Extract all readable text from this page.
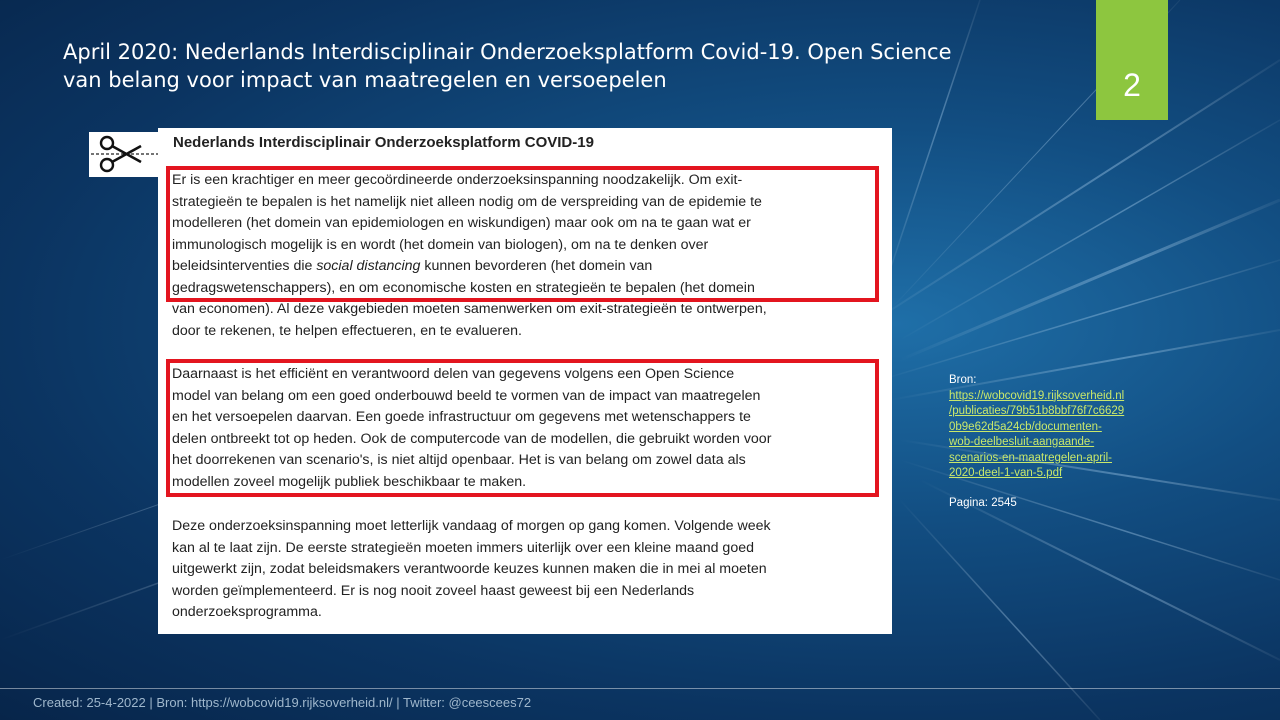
April 2020: Nederlands Interdisciplinair Onderzoeksplatform Covid-19. Open Science
van belang voor impact van maatregelen en versoepelen	2
Nederlands Interdisciplinair Onderzoeksplatform COVID-19
Er is een krachtiger en meer gecoördineerde onderzoeksinspanning noodzakelijk. Om exit-
strategieën te bepalen is het namelijk niet alleen nodig om de verspreiding van de epidemie te
modelleren (het domein van epidemiologen en wiskundigen) maar ook om na te gaan wat er
immunologisch mogelijk is en wordt (het domein van biologen), om na te denken over
beleidsinterventies die social distancing kunnen bevorderen (het domein van
gedragswetenschappers), en om economische kosten en strategieën te bepalen (het domein
van economen). Al deze vakgebieden moeten samenwerken om exit-strategieën te ontwerpen,
door te rekenen, te helpen effectueren, en te evalueren.
Daarnaast is het efficiënt en verantwoord delen van gegevens volgens een Open Science
model van belang om een goed onderbouwd beeld te vormen van de impact van maatregelen
en het versoepelen daarvan. Een goede infrastructuur om gegevens met wetenschappers te
delen ontbreekt tot op heden. Ook de computercode van de modellen, die gebruikt worden voor
het doorrekenen van scenario's, is niet altijd openbaar. Het is van belang om zowel data als
modellen zoveel mogelijk publiek beschikbaar te maken.
Deze onderzoeksinspanning moet letterlijk vandaag of morgen op gang komen. Volgende week
kan al te laat zijn. De eerste strategieën moeten immers uiterlijk over een kleine maand goed
uitgewerkt zijn, zodat beleidsmakers verantwoorde keuzes kunnen maken die in mei al moeten
worden geïmplementeerd. Er is nog nooit zoveel haast geweest bij een Nederlands
onderzoeksprogramma.
Bron:
https://wobcovid19.rijksoverheid.nl
/publicaties/79b51b8bbf76f7c6629
0b9e62d5a24cb/documenten-
wob-deelbesluit-aangaande-
scenarios-en-maatregelen-april-
2020-deel-1-van-5.pdf
Pagina: 2545
Created: 25-4-2022 | Bron: https://wobcovid19.rijksoverheid.nl/ | Twitter: @ceescees72
